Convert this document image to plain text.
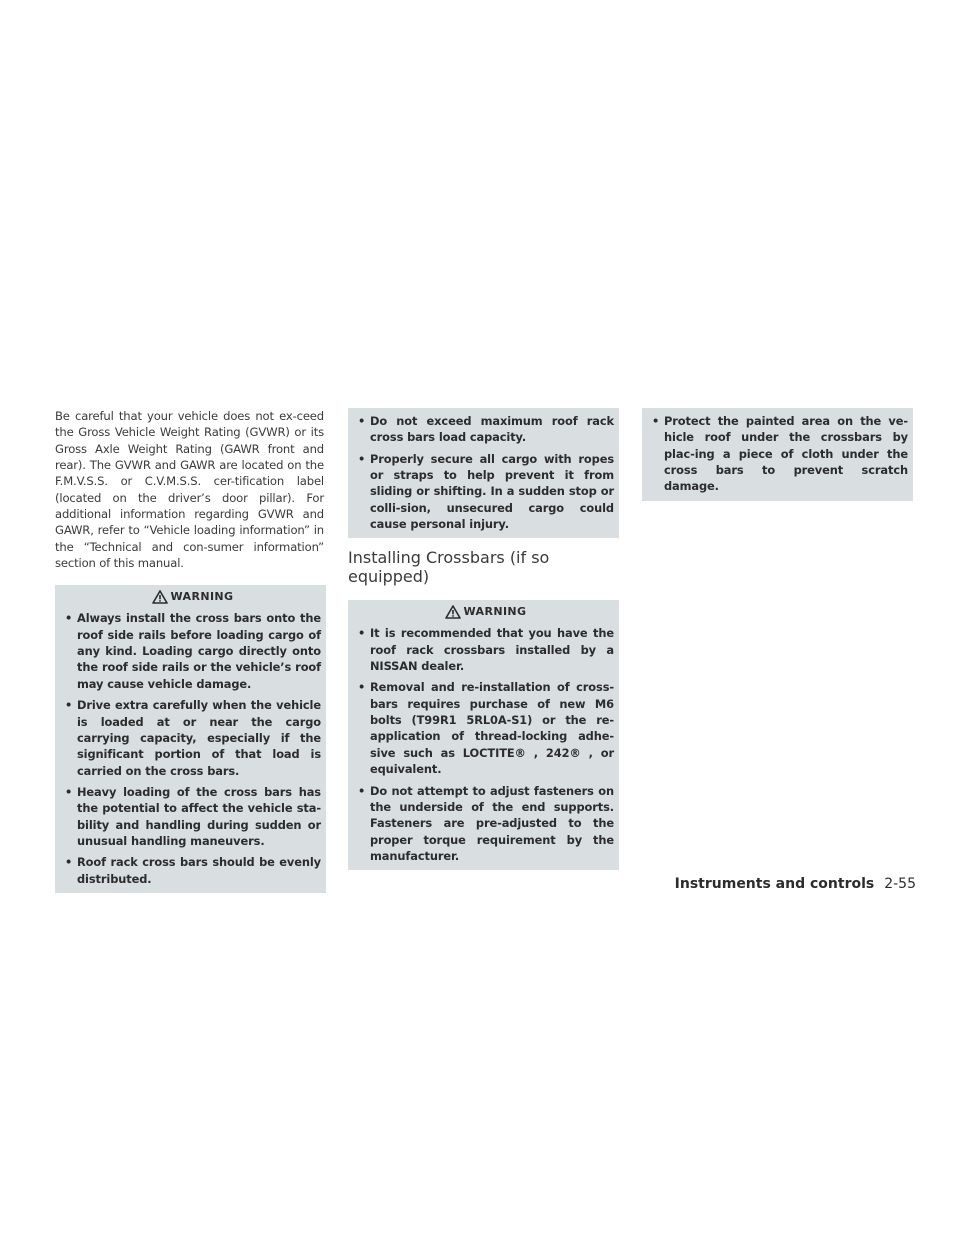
Be careful that your vehicle does not ex-ceed the Gross Vehicle Weight Rating (GVWR) or its Gross Axle Weight Rating (GAWR front and rear). The GVWR and GAWR are located on the F.M.V.S.S. or C.V.M.S.S. cer-tification label (located on the driver’s door pillar). For additional information regarding GVWR and GAWR, refer to “Vehicle loading information” in the “Technical and con-sumer information” section of this manual.

WARNING
• Always install the cross bars onto the roof side rails before loading cargo of any kind. Loading cargo directly onto the roof side rails or the vehicle’s roof may cause vehicle damage.
• Drive extra carefully when the vehicle is loaded at or near the cargo carrying capacity, especially if the significant portion of that load is carried on the cross bars.
• Heavy loading of the cross bars has the potential to affect the vehicle sta-bility and handling during sudden or unusual handling maneuvers.
• Roof rack cross bars should be evenly distributed.
• Do not exceed maximum roof rack cross bars load capacity.
• Properly secure all cargo with ropes or straps to help prevent it from sliding or shifting. In a sudden stop or colli-sion, unsecured cargo could cause personal injury.
Installing Crossbars (if so equipped)
WARNING
• It is recommended that you have the roof rack crossbars installed by a NISSAN dealer.
• Removal and re-installation of cross-bars requires purchase of new M6 bolts (T99R1 5RL0A-S1) or the re-application of thread-locking adhe-sive such as LOCTITE® , 242® , or equivalent.
• Do not attempt to adjust fasteners on the underside of the end supports. Fasteners are pre-adjusted to the proper torque requirement by the manufacturer.
• Protect the painted area on the ve-hicle roof under the crossbars by plac-ing a piece of cloth under the cross bars to prevent scratch damage.
Instruments and controls 2-55
